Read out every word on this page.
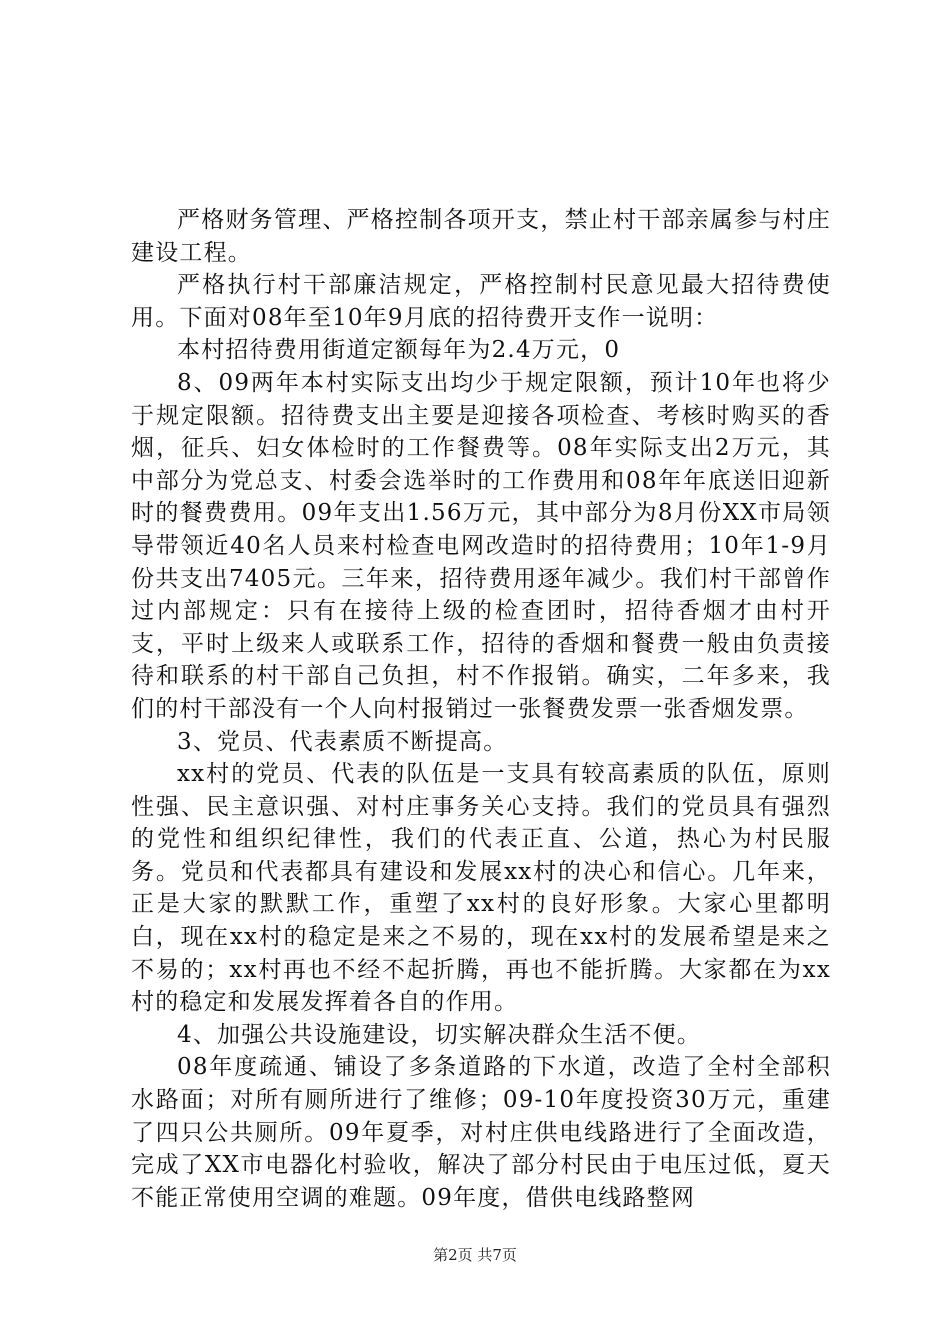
严格财务管理、严格控制各项开支，禁止村干部亲属参与村庄建设工程。

严格执行村干部廉洁规定，严格控制村民意见最大招待费使用。下面对08年至10年9月底的招待费开支作一说明：

本村招待费用街道定额每年为2.4万元，0

8、09两年本村实际支出均少于规定限额，预计10年也将少于规定限额。招待费支出主要是迎接各项检查、考核时购买的香烟，征兵、妇女体检时的工作餐费等。08年实际支出2万元，其中部分为党总支、村委会选举时的工作费用和08年年底送旧迎新时的餐费费用。09年支出1.56万元，其中部分为8月份XX市局领导带领近40名人员来村检查电网改造时的招待费用；10年1-9月份共支出7405元。三年来，招待费用逐年减少。我们村干部曾作过内部规定：只有在接待上级的检查团时，招待香烟才由村开支，平时上级来人或联系工作，招待的香烟和餐费一般由负责接待和联系的村干部自己负担，村不作报销。确实，二年多来，我们的村干部没有一个人向村报销过一张餐费发票一张香烟发票。

3、党员、代表素质不断提高。

xx村的党员、代表的队伍是一支具有较高素质的队伍，原则性强、民主意识强、对村庄事务关心支持。我们的党员具有强烈的党性和组织纪律性，我们的代表正直、公道，热心为村民服务。党员和代表都具有建设和发展xx村的决心和信心。几年来，正是大家的默默工作，重塑了xx村的良好形象。大家心里都明白，现在xx村的稳定是来之不易的，现在xx村的发展希望是来之不易的；xx村再也不经不起折腾，再也不能折腾。大家都在为xx村的稳定和发展发挥着各自的作用。

4、加强公共设施建设，切实解决群众生活不便。

08年度疏通、铺设了多条道路的下水道，改造了全村全部积水路面；对所有厕所进行了维修；09-10年度投资30万元，重建了四只公共厕所。09年夏季，对村庄供电线路进行了全面改造，完成了XX市电器化村验收，解决了部分村民由于电压过低，夏天不能正常使用空调的难题。09年度，借供电线路整网

第2页 共7页
